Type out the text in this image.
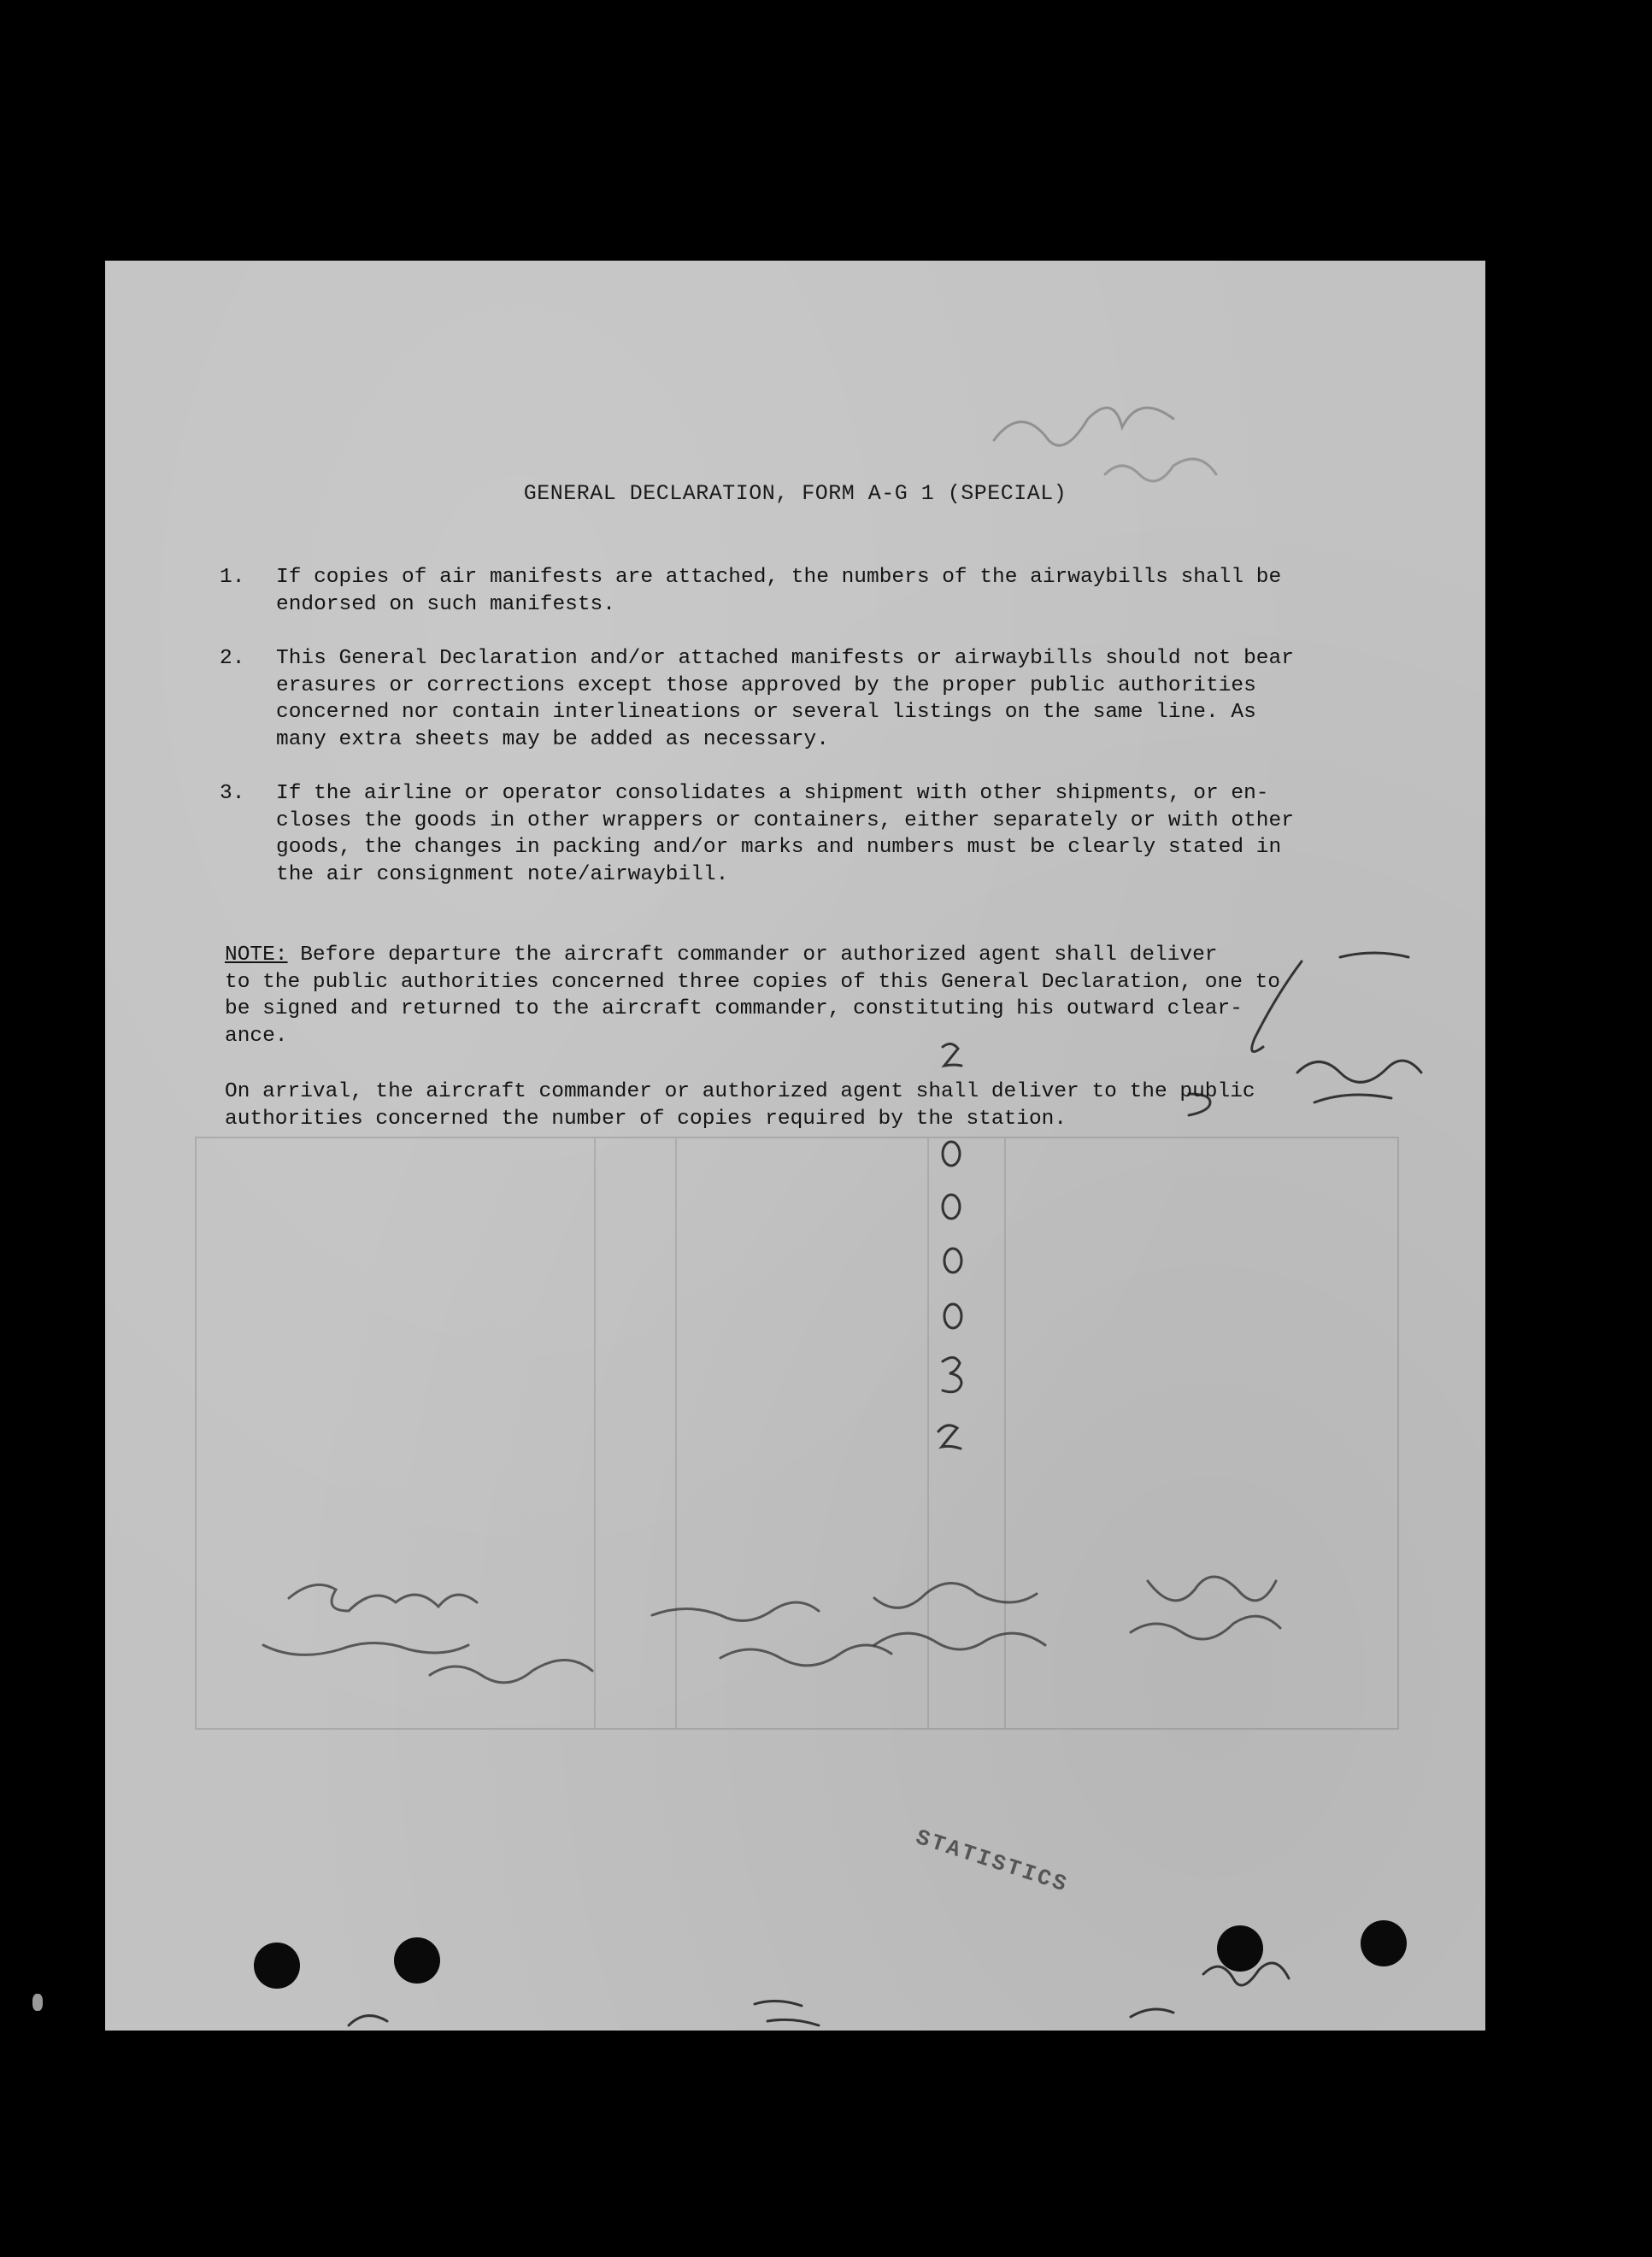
GENERAL DECLARATION, FORM A-G 1 (SPECIAL)
1. If copies of air manifests are attached, the numbers of the airwaybills shall be
endorsed on such manifests.
2. This General Declaration and/or attached manifests or airwaybills should not bear
erasures or corrections except those approved by the proper public authorities
concerned nor contain interlineations or several listings on the same line. As
many extra sheets may be added as necessary.
3. If the airline or operator consolidates a shipment with other shipments, or en-
closes the goods in other wrappers or containers, either separately or with other
goods, the changes in packing and/or marks and numbers must be clearly stated in
the air consignment note/airwaybill.
NOTE: Before departure the aircraft commander or authorized agent shall deliver
to the public authorities concerned three copies of this General Declaration, one to
be signed and returned to the aircraft commander, constituting his outward clear-
ance.
On arrival, the aircraft commander or authorized agent shall deliver to the public
authorities concerned the number of copies required by the station.
STATISTICS
